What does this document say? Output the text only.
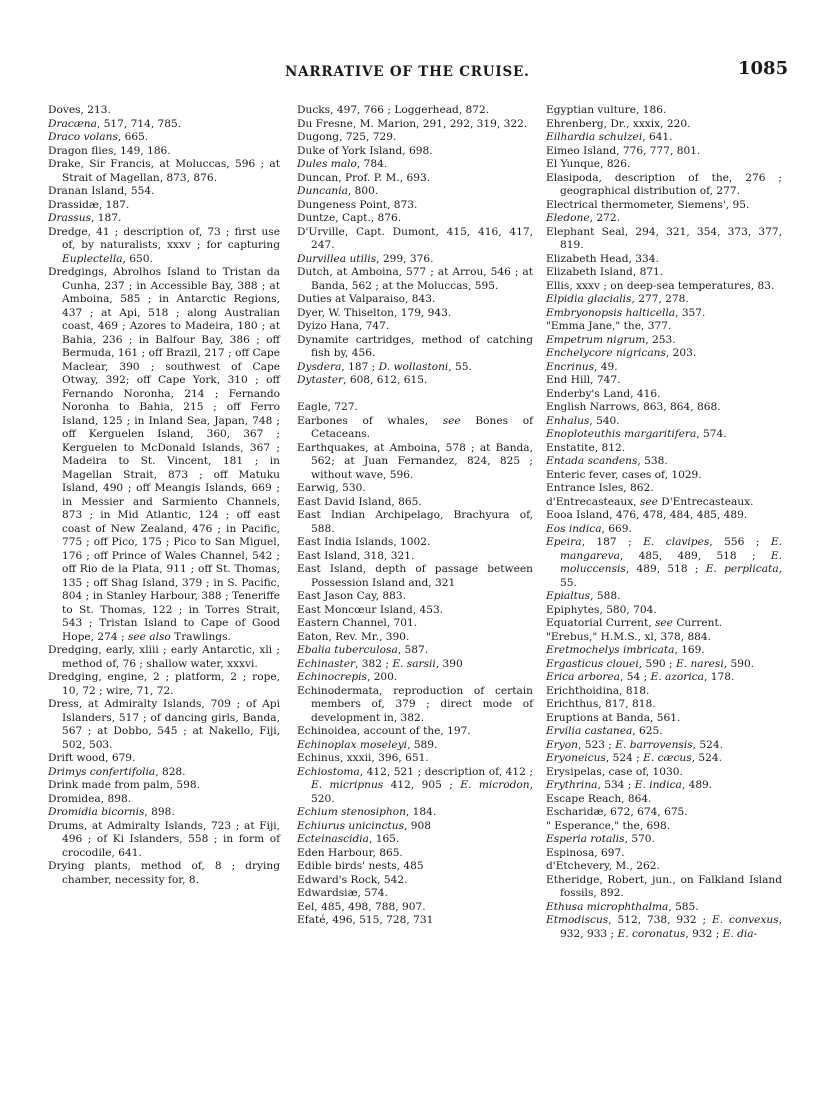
NARRATIVE OF THE CRUISE.	1085
Doves, 213.
Dracæna, 517, 714, 785.
Draco volans, 665.
Dragon flies, 149, 186.
Drake, Sir Francis, at Moluccas, 596 ; at Strait of Magellan, 873, 876.
Dranan Island, 554.
Drassidæ, 187.
Drassus, 187.
Dredge, 41 ; description of, 73 ; first use of, by naturalists, xxxv ; for capturing Euplectella, 650.
Dredgings, Abrolhos Island to Tristan da Cunha, 237 ; in Accessible Bay, 388 ; at Amboina, 585 ; in Antarctic Regions, 437 ; at Api, 518 ; along Australian coast, 469 ; Azores to Madeira, 180 ; at Bahia, 236 ; in Balfour Bay, 386 ; off Bermuda, 161 ; off Brazil, 217 ; off Cape Maclear, 390 ; southwest of Cape Otway, 392; off Cape York, 310 ; off Fernando Noronha, 214 ; Fernando Noronha to Bahia, 215 ; off Ferro Island, 125 ; in Inland Sea, Japan, 748 ; off Kerguelen Island, 360, 367 ; Kerguelen to McDonald Islands, 367 ; Madeira to St. Vincent, 181 ; in Magellan Strait, 873 ; off Matuku Island, 490 ; off Meangis Islands, 669 ; in Messier and Sarmiento Channels, 873 ; in Mid Atlantic, 124 ; off east coast of New Zealand, 476 ; in Pacific, 775 ; off Pico, 175 ; Pico to San Miguel, 176 ; off Prince of Wales Channel, 542 ; off Rio de la Plata, 911 ; off St. Thomas, 135 ; off Shag Island, 379 ; in S. Pacific, 804 ; in Stanley Harbour, 388 ; Teneriffe to St. Thomas, 122 ; in Torres Strait, 543 ; Tristan Island to Cape of Good Hope, 274 ; see also Trawlings.
Dredging, early, xliii ; early Antarctic, xli ; method of, 76 ; shallow water, xxxvi.
Dredging, engine, 2 ; platform, 2 ; rope, 10, 72 ; wire, 71, 72.
Dress, at Admiralty Islands, 709 ; of Api Islanders, 517 ; of dancing girls, Banda, 567 ; at Dobbo, 545 ; at Nakello, Fiji, 502, 503.
Drift wood, 679.
Drimys confertifolia, 828.
Drink made from palm, 598.
Dromidea, 898.
Dromidia bicornis, 898.
Drums, at Admiralty Islands, 723 ; at Fiji, 496 ; of Ki Islanders, 558 ; in form of crocodile, 641.
Drying plants, method of, 8 ; drying chamber, necessity for, 8.
Ducks, 497, 766 ; Loggerhead, 872.
Du Fresne, M. Marion, 291, 292, 319, 322.
Dugong, 725, 729.
Duke of York Island, 698.
Dules malo, 784.
Duncan, Prof. P. M., 693.
Duncania, 800.
Dungeness Point, 873.
Duntze, Capt., 876.
D'Urville, Capt. Dumont, 415, 416, 417, 247.
Durvillea utilis, 299, 376.
Dutch, at Amboina, 577 ; at Arrou, 546 ; at Banda, 562 ; at the Moluccas, 595.
Duties at Valparaiso, 843.
Dyer, W. Thiselton, 179, 943.
Dyizo Hana, 747.
Dynamite cartridges, method of catching fish by, 456.
Dysdera, 187 ; D. wollastoni, 55.
Dytaster, 608, 612, 615.
Eagle, 727.
Earbones of whales, see Bones of Cetaceans.
Earthquakes, at Amboina, 578 ; at Banda, 562; at Juan Fernandez, 824, 825 ; without wave, 596.
Earwig, 530.
East David Island, 865.
East Indian Archipelago, Brachyura of, 588.
East India Islands, 1002.
East Island, 318, 321.
East Island, depth of passage between Possession Island and, 321
East Jason Cay, 883.
East Moncœur Island, 453.
Eastern Channel, 701.
Eaton, Rev. Mr., 390.
Ebalia tuberculosa, 587.
Echinaster, 382 ; E. sarsii, 390
Echinocrepis, 200.
Echinodermata, reproduction of certain members of, 379 ; direct mode of development in, 382.
Echinoidea, account of the, 197.
Echinoplax moseleyi, 589.
Echinus, xxxii, 396, 651.
Echiostoma, 412, 521 ; description of, 412 ; E. micripnus 412, 905 ; E. microdon, 520.
Echium stenosiphon, 184.
Echiurus unicinctus, 908
Ecteinascidia, 165.
Eden Harbour, 865.
Edible birds' nests, 485
Edward's Rock, 542.
Edwardsiæ, 574.
Eel, 485, 498, 788, 907.
Efaté, 496, 515, 728, 731
Egyptian vulture, 186.
Ehrenberg, Dr., xxxix, 220.
Eilhardia schulzei, 641.
Eimeo Island, 776, 777, 801.
El Yunque, 826.
Elasipoda, description of the, 276 ; geographical distribution of, 277.
Electrical thermometer, Siemens', 95.
Eledone, 272.
Elephant Seal, 294, 321, 354, 373, 377, 819.
Elizabeth Head, 334.
Elizabeth Island, 871.
Ellis, xxxv ; on deep-sea temperatures, 83.
Elpidia glacialis, 277, 278.
Embryonopsis halticella, 357.
"Emma Jane," the, 377.
Empetrum nigrum, 253.
Enchelycore nigricans, 203.
Encrinus, 49.
End Hill, 747.
Enderby's Land, 416.
English Narrows, 863, 864, 868.
Enhalus, 540.
Enoploteuthis margaritifera, 574.
Enstatite, 812.
Entada scandens, 538.
Enteric fever, cases of, 1029.
Entrance Isles, 862.
d'Entrecasteaux, see D'Entrecasteaux.
Eooa Island, 476, 478, 484, 485, 489.
Eos indica, 669.
Epeira, 187 ; E. clavipes, 556 ; E. mangareva, 485, 489, 518 ; E. moluccensis, 489, 518 ; E. perplicata, 55.
Epialtus, 588.
Epiphytes, 580, 704.
Equatorial Current, see Current.
"Erebus," H.M.S., xl, 378, 884.
Eretmochelys imbricata, 169.
Ergasticus clouei, 590 ; E. naresi, 590.
Erica arborea, 54 ; E. azorica, 178.
Erichthoidina, 818.
Erichthus, 817, 818.
Eruptions at Banda, 561.
Ervilia castanea, 625.
Eryon, 523 ; E. barrovensis, 524.
Eryoneicus, 524 ; E. cæcus, 524.
Erysipelas, case of, 1030.
Erythrina, 534 ; E. indica, 489.
Escape Reach, 864.
Escharidæ, 672, 674, 675.
" Esperance," the, 698.
Esperia rotalis, 570.
Espinosa, 697.
d'Etchevery, M., 262.
Etheridge, Robert, jun., on Falkland Island fossils, 892.
Ethusa microphthalma, 585.
Etmodiscus, 512, 738, 932 ; E. convexus, 932, 933 ; E. coronatus, 932 ; E. dia-
